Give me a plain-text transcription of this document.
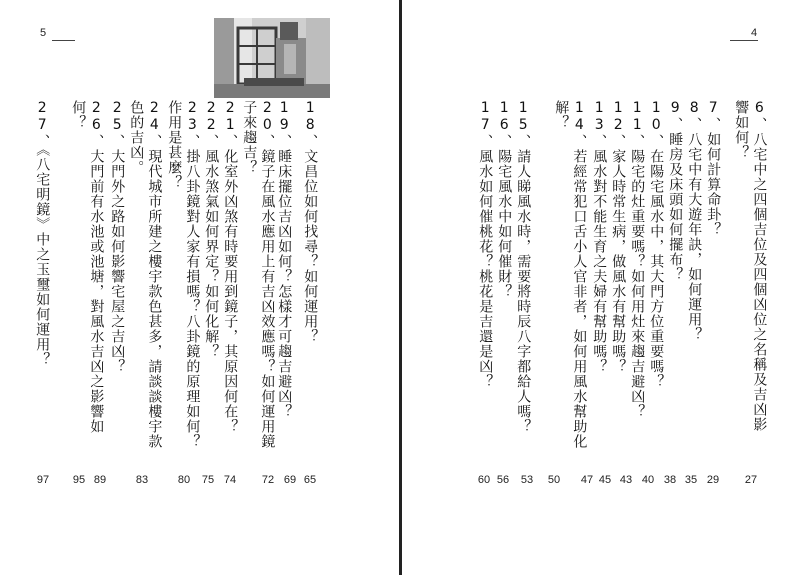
5
18、文昌位如何找尋？如何運用？
19、睡床擺位吉凶如何？怎樣才可趨吉避凶？
20、鏡子在風水應用上有吉凶效應嗎？如何運用鏡
子來趨吉？
21、化室外凶煞有時要用到鏡子，其原因何在？
22、風水煞氣如何界定？如何化解？
23、掛八卦鏡對人家有損嗎？八卦鏡的原理如何？
作用是甚麼？
24、現代城市所建之樓宇款色甚多，請談談樓宇款
色的吉凶。
25、大門外之路如何影響宅屋之吉凶？
26、大門前有水池或池塘，對風水吉凶之影響如
何？
27、《八宅明鏡》中之玉璽如何運用？
65
69
72
74
75
80
83
89
95
97
4
6、八宅中之四個吉位及四個凶位之名稱及吉凶影
響如何？
7、如何計算命卦？
8、八宅中有大遊年訣，如何運用？
9、睡房及床頭如何擺布？
10、在陽宅風水中，其大門方位重要嗎？
11、陽宅的灶重要嗎？如何用灶來趨吉避凶？
12、家人時常生病，做風水有幫助嗎？
13、風水對不能生育之夫婦有幫助嗎？
14、若經常犯口舌小人官非者，如何用風水幫助化
解？
15、請人睇風水時，需要將時辰八字都給人嗎？
16、陽宅風水中如何催財？
17、風水如何催桃花？桃花是吉還是凶？
27
29
35
38
40
43
45
47
50
53
56
60
